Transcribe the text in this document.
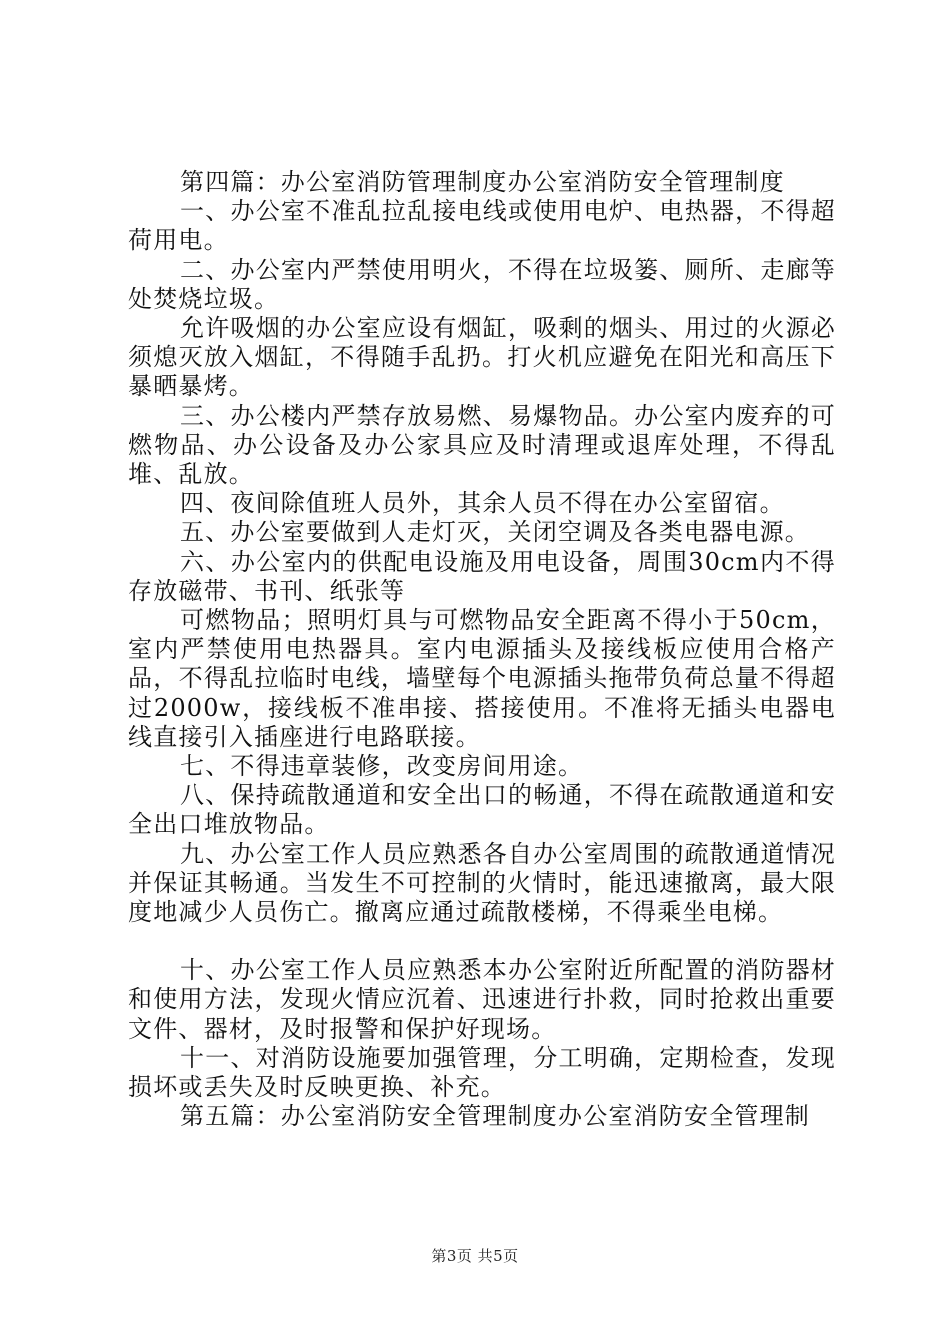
第四篇：办公室消防管理制度办公室消防安全管理制度

一、办公室不准乱拉乱接电线或使用电炉、电热器，不得超荷用电。

二、办公室内严禁使用明火，不得在垃圾篓、厕所、走廊等处焚烧垃圾。

允许吸烟的办公室应设有烟缸，吸剩的烟头、用过的火源必须熄灭放入烟缸，不得随手乱扔。打火机应避免在阳光和高压下暴晒暴烤。

三、办公楼内严禁存放易燃、易爆物品。办公室内废弃的可燃物品、办公设备及办公家具应及时清理或退库处理，不得乱堆、乱放。

四、夜间除值班人员外，其余人员不得在办公室留宿。

五、办公室要做到人走灯灭，关闭空调及各类电器电源。

六、办公室内的供配电设施及用电设备，周围30cm内不得存放磁带、书刊、纸张等

可燃物品；照明灯具与可燃物品安全距离不得小于50cm，室内严禁使用电热器具。室内电源插头及接线板应使用合格产品，不得乱拉临时电线，墙壁每个电源插头拖带负荷总量不得超过2000w，接线板不准串接、搭接使用。不准将无插头电器电线直接引入插座进行电路联接。

七、不得违章装修，改变房间用途。

八、保持疏散通道和安全出口的畅通，不得在疏散通道和安全出口堆放物品。

九、办公室工作人员应熟悉各自办公室周围的疏散通道情况并保证其畅通。当发生不可控制的火情时，能迅速撤离，最大限度地减少人员伤亡。撤离应通过疏散楼梯，不得乘坐电梯。

十、办公室工作人员应熟悉本办公室附近所配置的消防器材和使用方法，发现火情应沉着、迅速进行扑救，同时抢救出重要文件、器材，及时报警和保护好现场。

十一、对消防设施要加强管理，分工明确，定期检查，发现损坏或丢失及时反映更换、补充。

第五篇：办公室消防安全管理制度办公室消防安全管理制

第3页 共5页
